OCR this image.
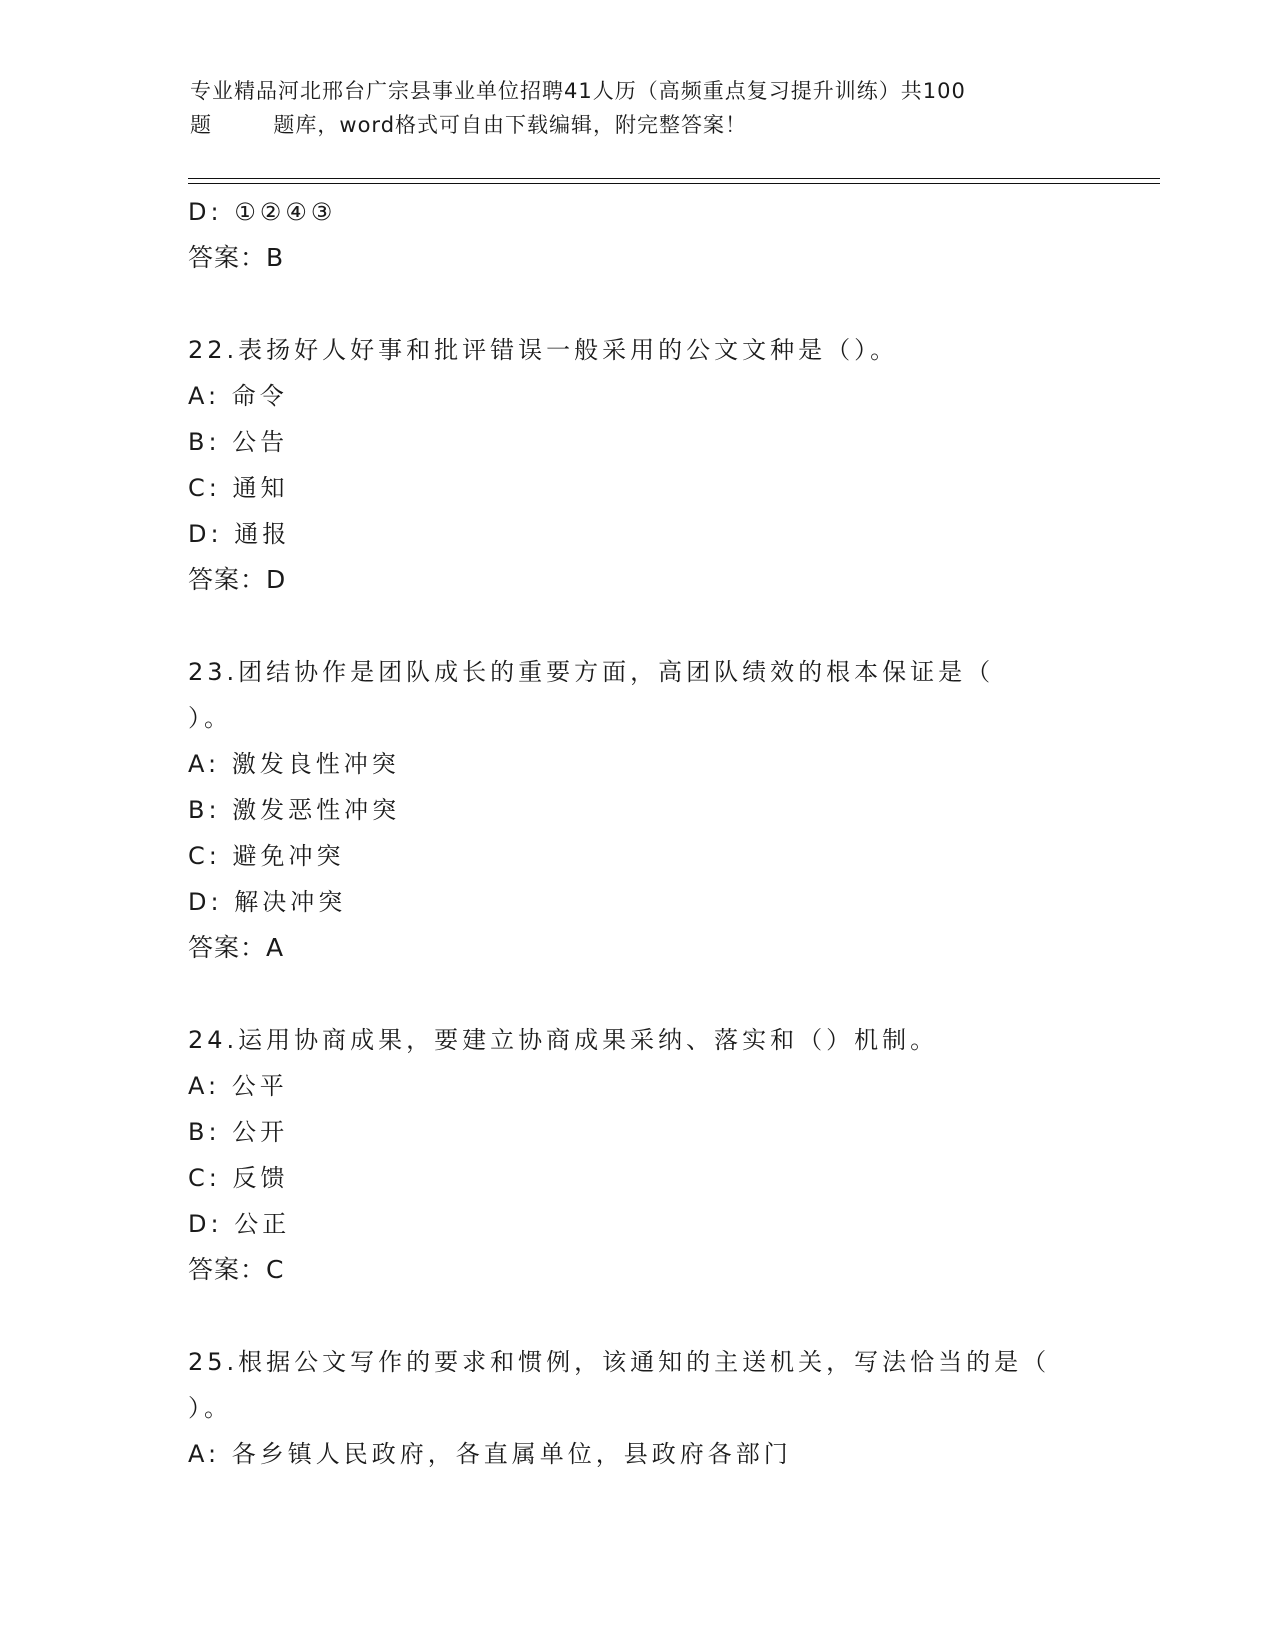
专业精品河北邢台广宗县事业单位招聘41人历（高频重点复习提升训练）共100
题        题库，word格式可自由下载编辑，附完整答案！
D: ①②④③
答案：B
22.表扬好人好事和批评错误一般采用的公文文种是（）。
A: 命令
B: 公告
C: 通知
D: 通报
答案：D
23.团结协作是团队成长的重要方面，高团队绩效的根本保证是（
）。
A: 激发良性冲突
B: 激发恶性冲突
C: 避免冲突
D: 解决冲突
答案：A
24.运用协商成果，要建立协商成果采纳、落实和（）机制。
A: 公平
B: 公开
C: 反馈
D: 公正
答案：C
25.根据公文写作的要求和惯例，该通知的主送机关，写法恰当的是（
）。
A: 各乡镇人民政府，各直属单位，县政府各部门
